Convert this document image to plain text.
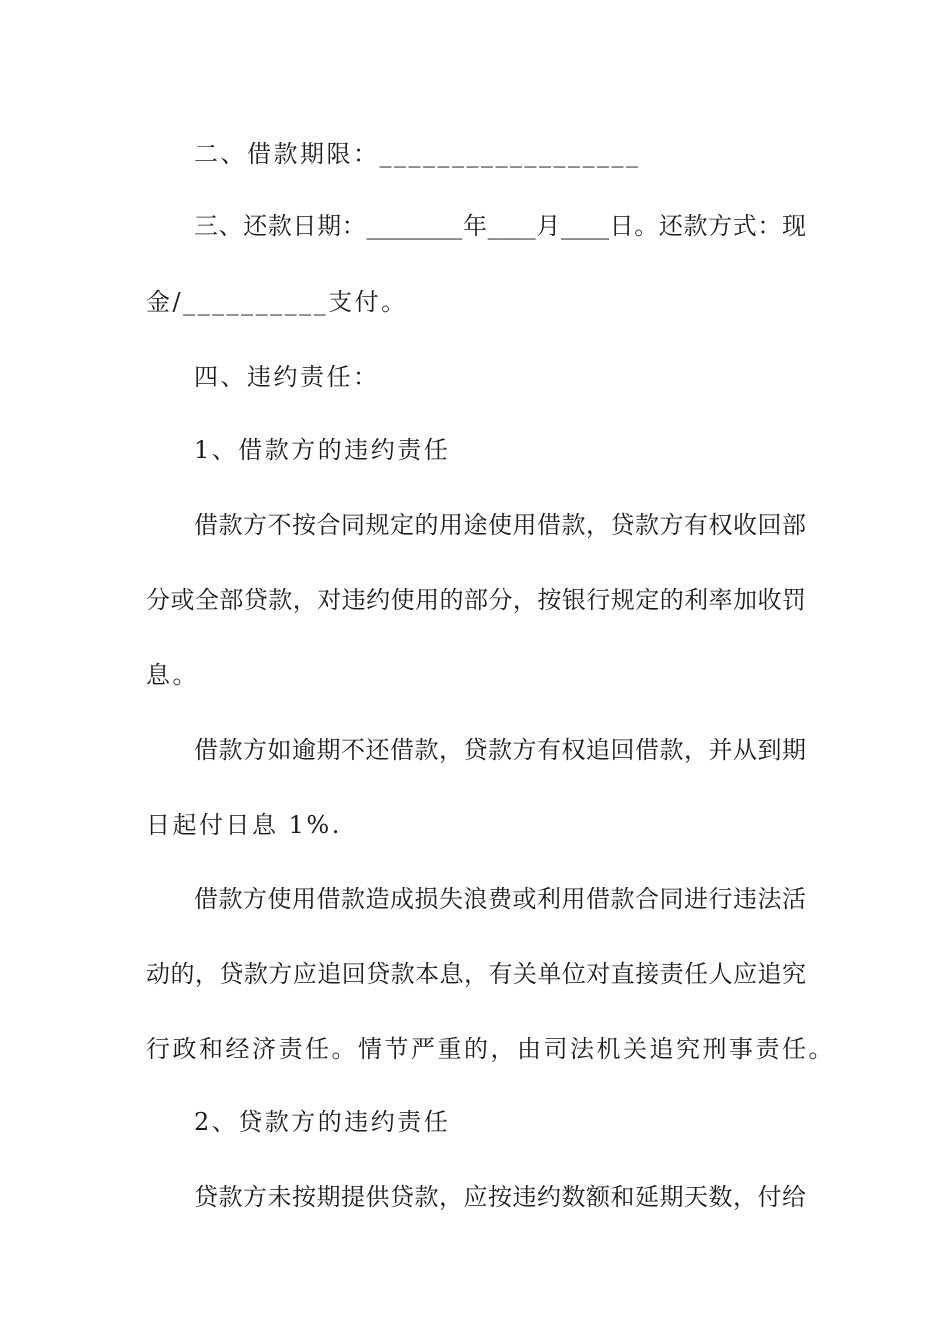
二、借款期限：__________________
三、还款日期：________年____月____日。还款方式：现
金/__________支付。
四、违约责任：
1、借款方的违约责任
借款方不按合同规定的用途使用借款，贷款方有权收回部
分或全部贷款，对违约使用的部分，按银行规定的利率加收罚
息。
借款方如逾期不还借款，贷款方有权追回借款，并从到期
日起付日息 1%.
借款方使用借款造成损失浪费或利用借款合同进行违法活
动的，贷款方应追回贷款本息，有关单位对直接责任人应追究
行政和经济责任。情节严重的，由司法机关追究刑事责任。
2、贷款方的违约责任
贷款方未按期提供贷款，应按违约数额和延期天数，付给
